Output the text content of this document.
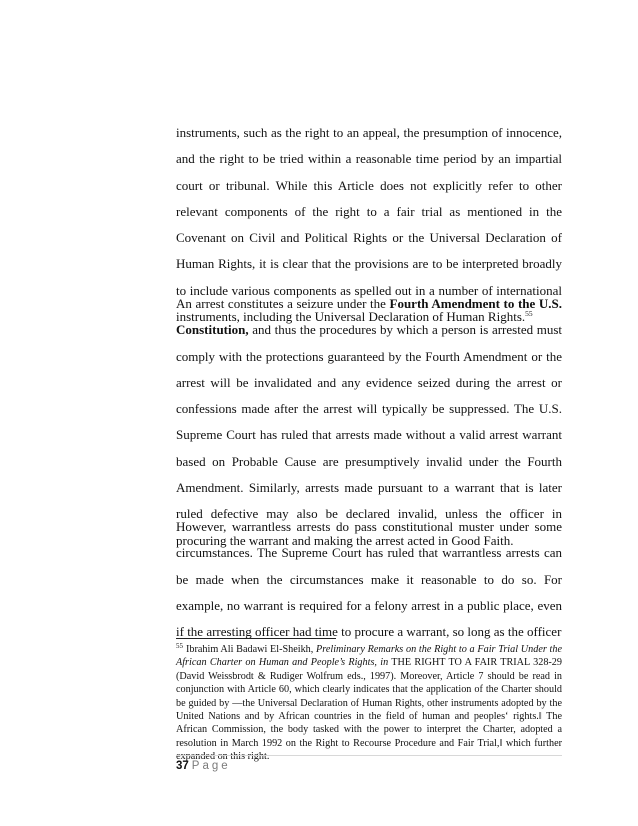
instruments, such as the right to an appeal, the presumption of innocence, and the right to be tried within a reasonable time period by an impartial court or tribunal. While this Article does not explicitly refer to other relevant components of the right to a fair trial as mentioned in the Covenant on Civil and Political Rights or the Universal Declaration of Human Rights, it is clear that the provisions are to be interpreted broadly to include various components as spelled out in a number of international instruments, including the Universal Declaration of Human Rights.$^{55}$

An arrest constitutes a seizure under the Fourth Amendment to the U.S. Constitution, and thus the procedures by which a person is arrested must comply with the protections guaranteed by the Fourth Amendment or the arrest will be invalidated and any evidence seized during the arrest or confessions made after the arrest will typically be suppressed. The U.S. Supreme Court has ruled that arrests made without a valid arrest warrant based on Probable Cause are presumptively invalid under the Fourth Amendment. Similarly, arrests made pursuant to a warrant that is later ruled defective may also be declared invalid, unless the officer in procuring the warrant and making the arrest acted in Good Faith.

However, warrantless arrests do pass constitutional muster under some circumstances. The Supreme Court has ruled that warrantless arrests can be made when the circumstances make it reasonable to do so. For example, no warrant is required for a felony arrest in a public place, even if the arresting officer had time to procure a warrant, so long as the officer

$^{55}$ Ibrahim Ali Badawi El-Sheikh, Preliminary Remarks on the Right to a Fair Trial Under the African Charter on Human and People’s Rights, in THE RIGHT TO A FAIR TRIAL 328-29 (David Weissbrodt & Rudiger Wolfrum eds., 1997). Moreover, Article 7 should be read in conjunction with Article 60, which clearly indicates that the application of the Charter should be guided by ―the Universal Declaration of Human Rights, other instruments adopted by the United Nations and by African countries in the field of human and peoples‘ rights.‖ The African Commission, the body tasked with the power to interpret the Charter, adopted a resolution in March 1992 on the Right to Recourse Procedure and Fair Trial,‖ which further expanded on this right.
37 Page
